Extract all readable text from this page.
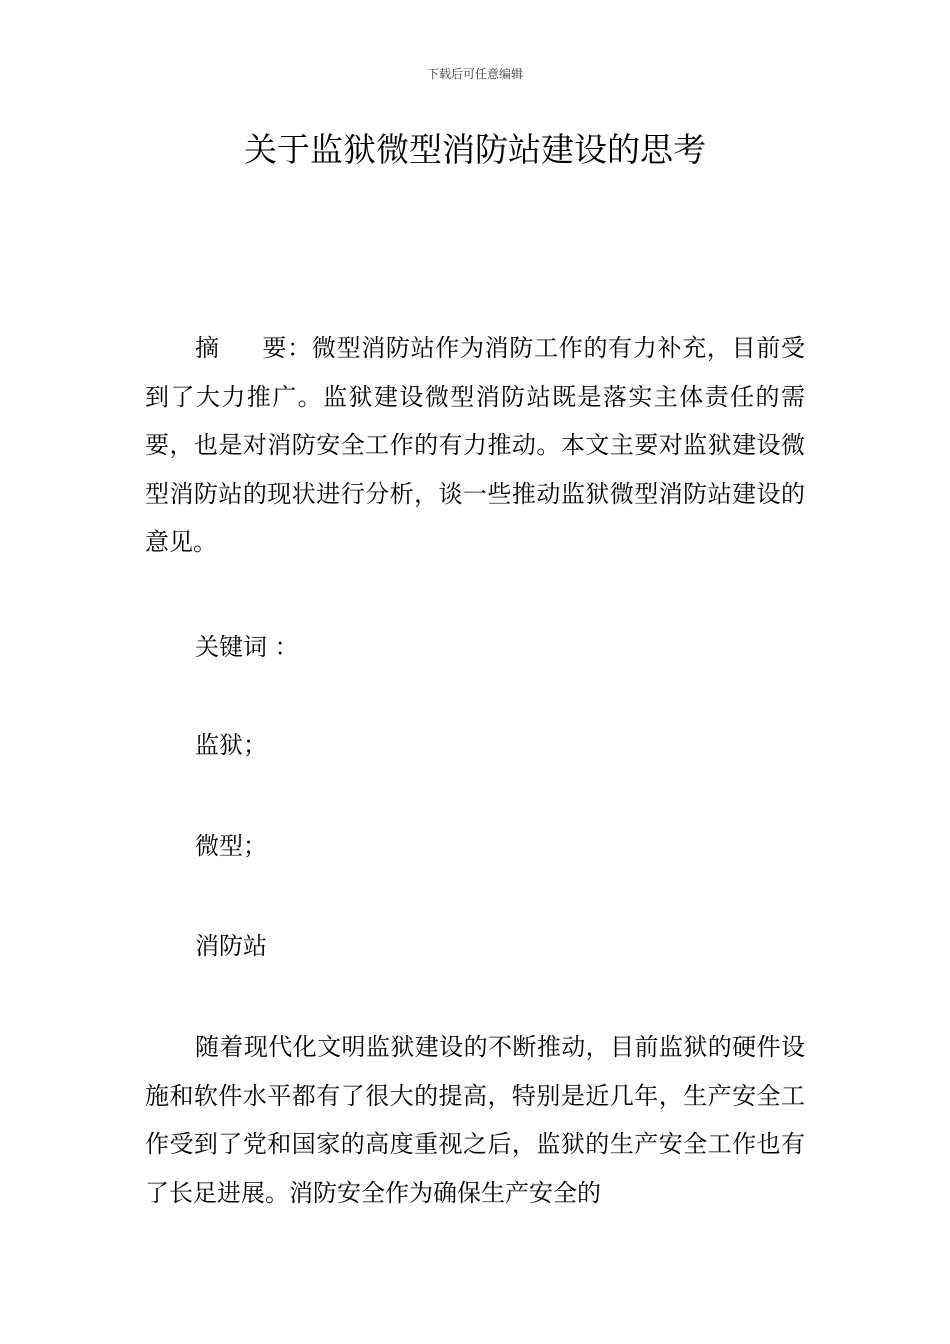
下载后可任意编辑
关于监狱微型消防站建设的思考

摘 要：微型消防站作为消防工作的有力补充，目前受到了大力推广。监狱建设微型消防站既是落实主体责任的需要，也是对消防安全工作的有力推动。本文主要对监狱建设微型消防站的现状进行分析，谈一些推动监狱微型消防站建设的意见。

关键词 ：
监狱；
微型；
消防站

随着现代化文明监狱建设的不断推动，目前监狱的硬件设施和软件水平都有了很大的提高，特别是近几年，生产安全工作受到了党和国家的高度重视之后，监狱的生产安全工作也有了长足进展。消防安全作为确保生产安全的
